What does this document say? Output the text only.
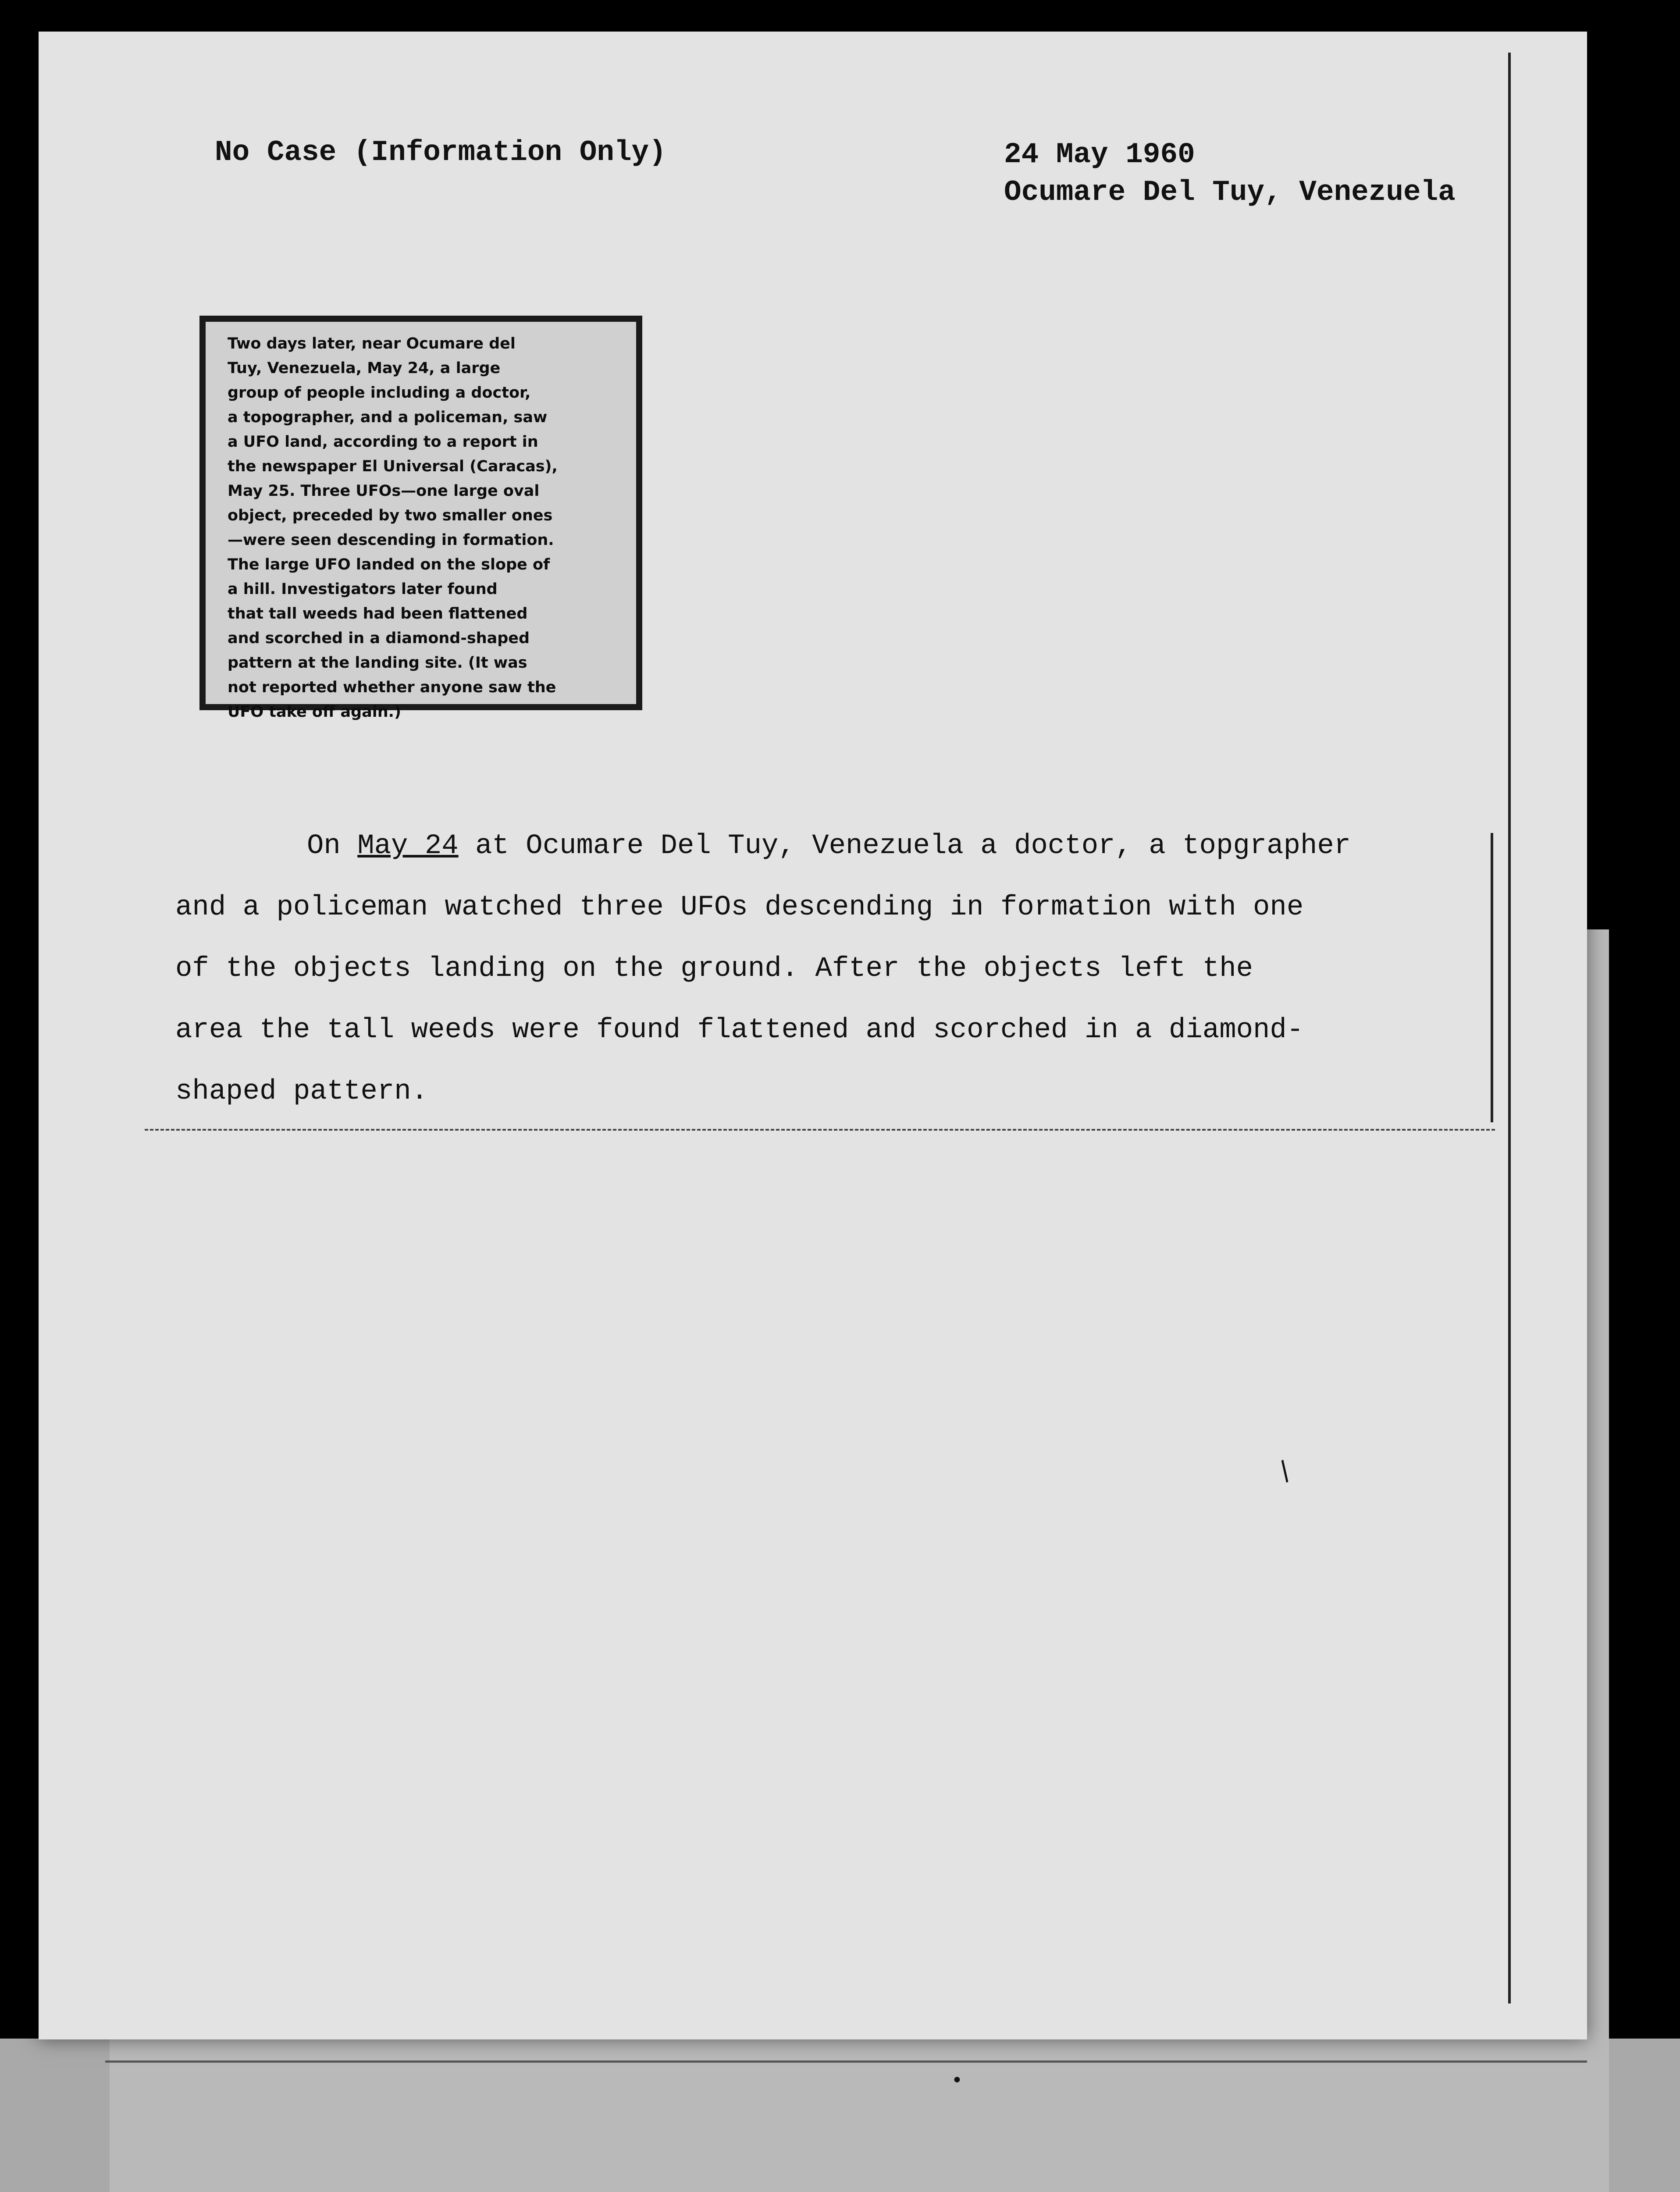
No Case (Information Only)	24 May 1960
Ocumare Del Tuy, Venezuela

Two days later, near Ocumare del

Tuy, Venezuela, May 24, a large

group of people including a doctor,

a topographer, and a policeman, saw

a UFO land, according to a report in

the newspaper El Universal (Caracas),

May 25. Three UFOs—one large oval

object, preceded by two smaller ones

—were seen descending in formation.

The large UFO landed on the slope of

a hill. Investigators later found

that tall weeds had been flattened

and scorched in a diamond-shaped

pattern at the landing site. (It was

not reported whether anyone saw the

UFO take off again.)

On May 24 at Ocumare Del Tuy, Venezuela a doctor, a topgrapher
and a policeman watched three UFOs descending in formation with one
of the objects landing on the ground. After the objects left the
area the tall weeds were found flattened and scorched in a diamond-
shaped pattern.
/
•
